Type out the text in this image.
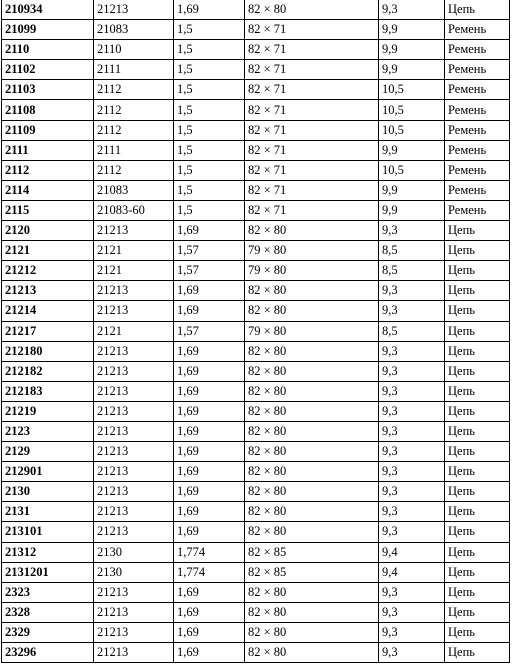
210934	21213	1,69	82 × 80	9,3	Цепь
21099	21083	1,5	82 × 71	9,9	Ремень
2110	2110	1,5	82 × 71	9,9	Ремень
21102	2111	1,5	82 × 71	9,9	Ремень
21103	2112	1,5	82 × 71	10,5	Ремень
21108	2112	1,5	82 × 71	10,5	Ремень
21109	2112	1,5	82 × 71	10,5	Ремень
2111	2111	1,5	82 × 71	9,9	Ремень
2112	2112	1,5	82 × 71	10,5	Ремень
2114	21083	1,5	82 × 71	9,9	Ремень
2115	21083-60	1,5	82 × 71	9,9	Ремень
2120	21213	1,69	82 × 80	9,3	Цепь
2121	2121	1,57	79 × 80	8,5	Цепь
21212	2121	1,57	79 × 80	8,5	Цепь
21213	21213	1,69	82 × 80	9,3	Цепь
21214	21213	1,69	82 × 80	9,3	Цепь
21217	2121	1,57	79 × 80	8,5	Цепь
212180	21213	1,69	82 × 80	9,3	Цепь
212182	21213	1,69	82 × 80	9,3	Цепь
212183	21213	1,69	82 × 80	9,3	Цепь
21219	21213	1,69	82 × 80	9,3	Цепь
2123	21213	1,69	82 × 80	9,3	Цепь
2129	21213	1,69	82 × 80	9,3	Цепь
212901	21213	1,69	82 × 80	9,3	Цепь
2130	21213	1,69	82 × 80	9,3	Цепь
2131	21213	1,69	82 × 80	9,3	Цепь
213101	21213	1,69	82 × 80	9,3	Цепь
21312	2130	1,774	82 × 85	9,4	Цепь
2131201	2130	1,774	82 × 85	9,4	Цепь
2323	21213	1,69	82 × 80	9,3	Цепь
2328	21213	1,69	82 × 80	9,3	Цепь
2329	21213	1,69	82 × 80	9,3	Цепь
23296	21213	1,69	82 × 80	9,3	Цепь
